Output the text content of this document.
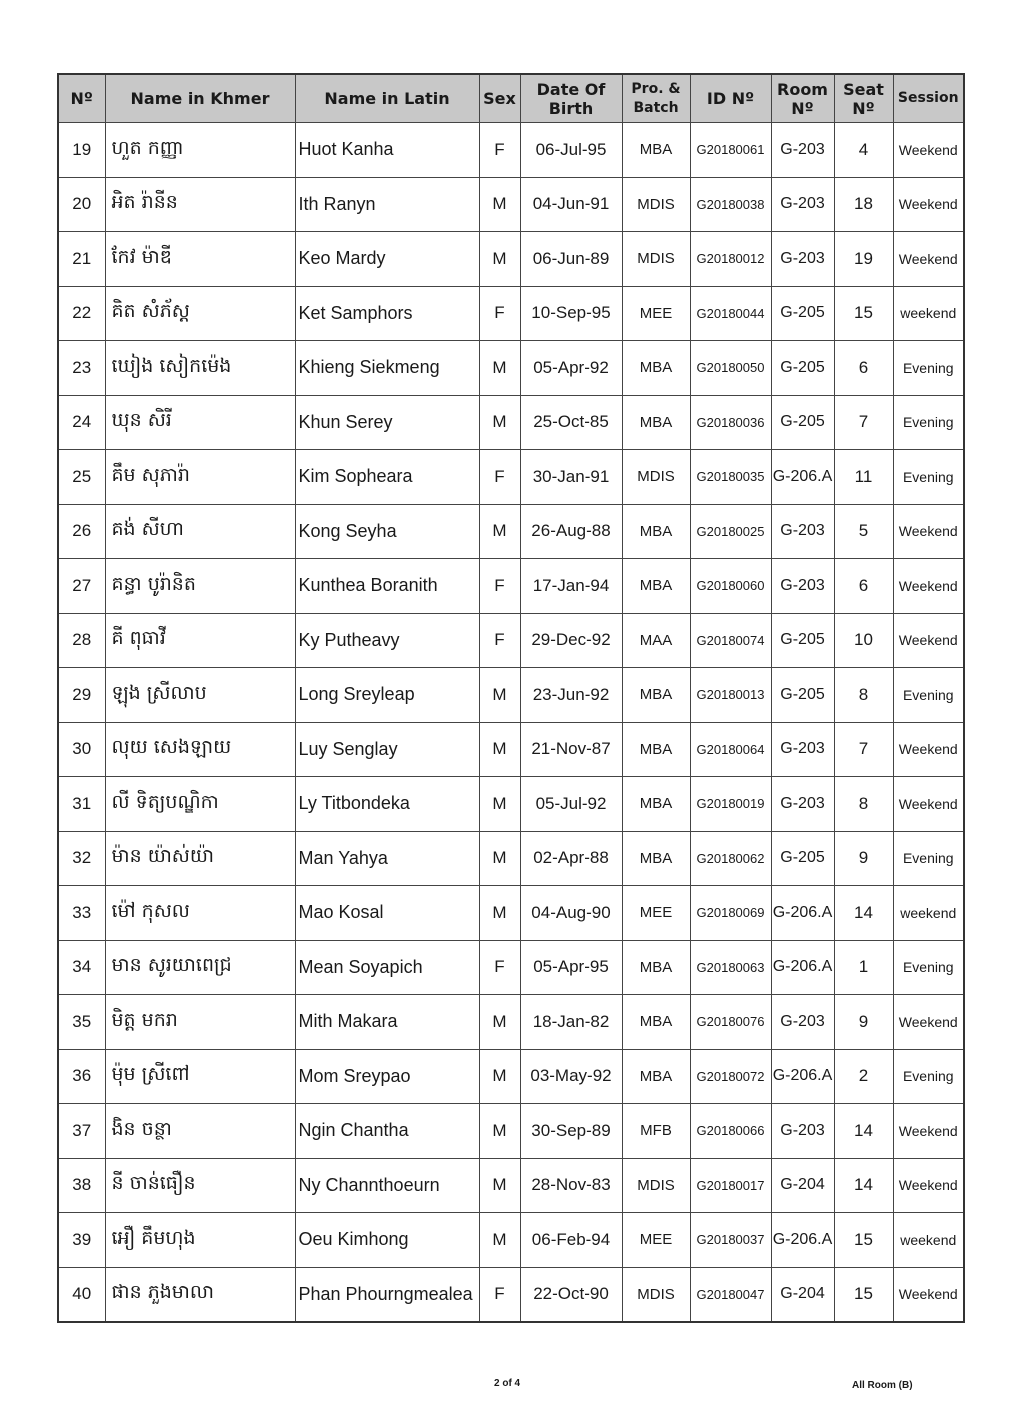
Nº	Name in Khmer	Name in Latin	Sex	Date Of Birth	Pro. & Batch	ID Nº	Room Nº	Seat Nº	Session
19	ហួត កញ្ញា	Huot Kanha	F	06-Jul-95	MBA	G20180061	G-203	4	Weekend
20	អិត រ៉ានីន	Ith Ranyn	M	04-Jun-91	MDIS	G20180038	G-203	18	Weekend
21	កែវ ម៉ាឌី	Keo Mardy	M	06-Jun-89	MDIS	G20180012	G-203	19	Weekend
22	គិត សំភ័ស្ត	Ket Samphors	F	10-Sep-95	MEE	G20180044	G-205	15	weekend
23	ឃៀង សៀកម៉េង	Khieng Siekmeng	M	05-Apr-92	MBA	G20180050	G-205	6	Evening
24	ឃុន សិរី	Khun Serey	M	25-Oct-85	MBA	G20180036	G-205	7	Evening
25	គឹម សុភារ៉ា	Kim Sopheara	F	30-Jan-91	MDIS	G20180035	G-206.A	11	Evening
26	គង់ សីហា	Kong Seyha	M	26-Aug-88	MBA	G20180025	G-203	5	Weekend
27	គន្ធា បូរ៉ានិត	Kunthea Boranith	F	17-Jan-94	MBA	G20180060	G-203	6	Weekend
28	គី ពុធាវី	Ky Putheavy	F	29-Dec-92	MAA	G20180074	G-205	10	Weekend
29	ឡុង ស្រីលាប	Long Sreyleap	M	23-Jun-92	MBA	G20180013	G-205	8	Evening
30	លុយ សេងឡាយ	Luy Senglay	M	21-Nov-87	MBA	G20180064	G-203	7	Weekend
31	លី ទិត្យបណ្ឌិកា	Ly Titbondeka	M	05-Jul-92	MBA	G20180019	G-203	8	Weekend
32	ម៉ាន យ៉ាស់យ៉ា	Man Yahya	M	02-Apr-88	MBA	G20180062	G-205	9	Evening
33	ម៉ៅ កុសល	Mao Kosal	M	04-Aug-90	MEE	G20180069	G-206.A	14	weekend
34	មាន សូរយាពេជ្រ	Mean Soyapich	F	05-Apr-95	MBA	G20180063	G-206.A	1	Evening
35	មិត្ត មករា	Mith Makara	M	18-Jan-82	MBA	G20180076	G-203	9	Weekend
36	ម៉ុម ស្រីពៅ	Mom Sreypao	M	03-May-92	MBA	G20180072	G-206.A	2	Evening
37	ងិន ចន្ថា	Ngin Chantha	M	30-Sep-89	MFB	G20180066	G-203	14	Weekend
38	នី ចាន់ធឿន	Ny Channthoeurn	M	28-Nov-83	MDIS	G20180017	G-204	14	Weekend
39	អឿ គឹមហុង	Oeu Kimhong	M	06-Feb-94	MEE	G20180037	G-206.A	15	weekend
40	ផាន ភួងមាលា	Phan Phourngmealea	F	22-Oct-90	MDIS	G20180047	G-204	15	Weekend
2 of 4	All Room (B)
